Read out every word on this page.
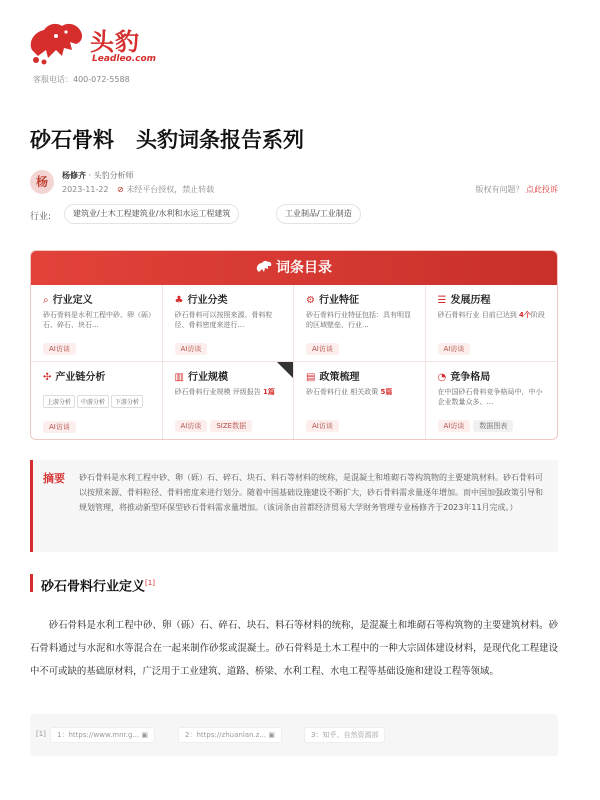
头豹
Leadleo.com
客服电话：400-072-5588
砂石骨料 头豹词条报告系列
杨	杨修齐 · 头豹分析师
2023-11-22 ⊘ 未经平台授权，禁止转载	版权有问题？ 点此投诉
行业:	建筑业/土木工程建筑业/水利和水运工程建筑	工业制品/工业制造
词条目录
⌕ 行业定义
砂石骨料是水利工程中砂、卵（砾）石、碎石、块石...
AI访谈
♣ 行业分类
砂石骨料可以按照来源、骨料粒径、骨料密度来进行...
AI访谈
⚙ 行业特征
砂石骨料行业特征包括：具有明显的区域壁垒、行业...
AI访谈
☰ 发展历程
砂石骨料行业 目前已达到 4个阶段
AI访谈
✣ 产业链分析
上游分析 中游分析 下游分析
AI访谈
▥ 行业规模
砂石骨料行业规模 评级报告 1篇
AI访谈 SIZE数据
▤ 政策梳理
砂石骨料行业 相关政策 5篇
AI访谈
◔ 竞争格局
在中国砂石骨料竞争格局中，中小企业数量众多、...
AI访谈 数据图表
摘要 砂石骨料是水利工程中砂、卵（砾）石、碎石、块石、料石等材料的统称，是混凝土和堆砌石等构筑物的主要建筑材料。砂石骨料可以按照来源、骨料粒径、骨料密度来进行划分。随着中国基础设施建设不断扩大，砂石骨料需求量逐年增加。而中国加强政策引导和规划管理，将推动新型环保型砂石骨料需求量增加。（该词条由首都经济贸易大学财务管理专业杨修齐于2023年11月完成。）
砂石骨料行业定义[1]
砂石骨料是水利工程中砂、卵（砾）石、碎石、块石、料石等材料的统称，是混凝土和堆砌石等构筑物的主要建筑材料。砂石骨料通过与水泥和水等混合在一起来制作砂浆或混凝土。砂石骨料是土木工程中的一种大宗固体建设材料，是现代化工程建设中不可或缺的基础原材料，广泛用于工业建筑、道路、桥梁、水利工程、水电工程等基础设施和建设工程等领域。
[1]	1：https://www.mnr.g... ▣	2：https://zhuanlan.z... ▣	3：知乎、自然资源部
